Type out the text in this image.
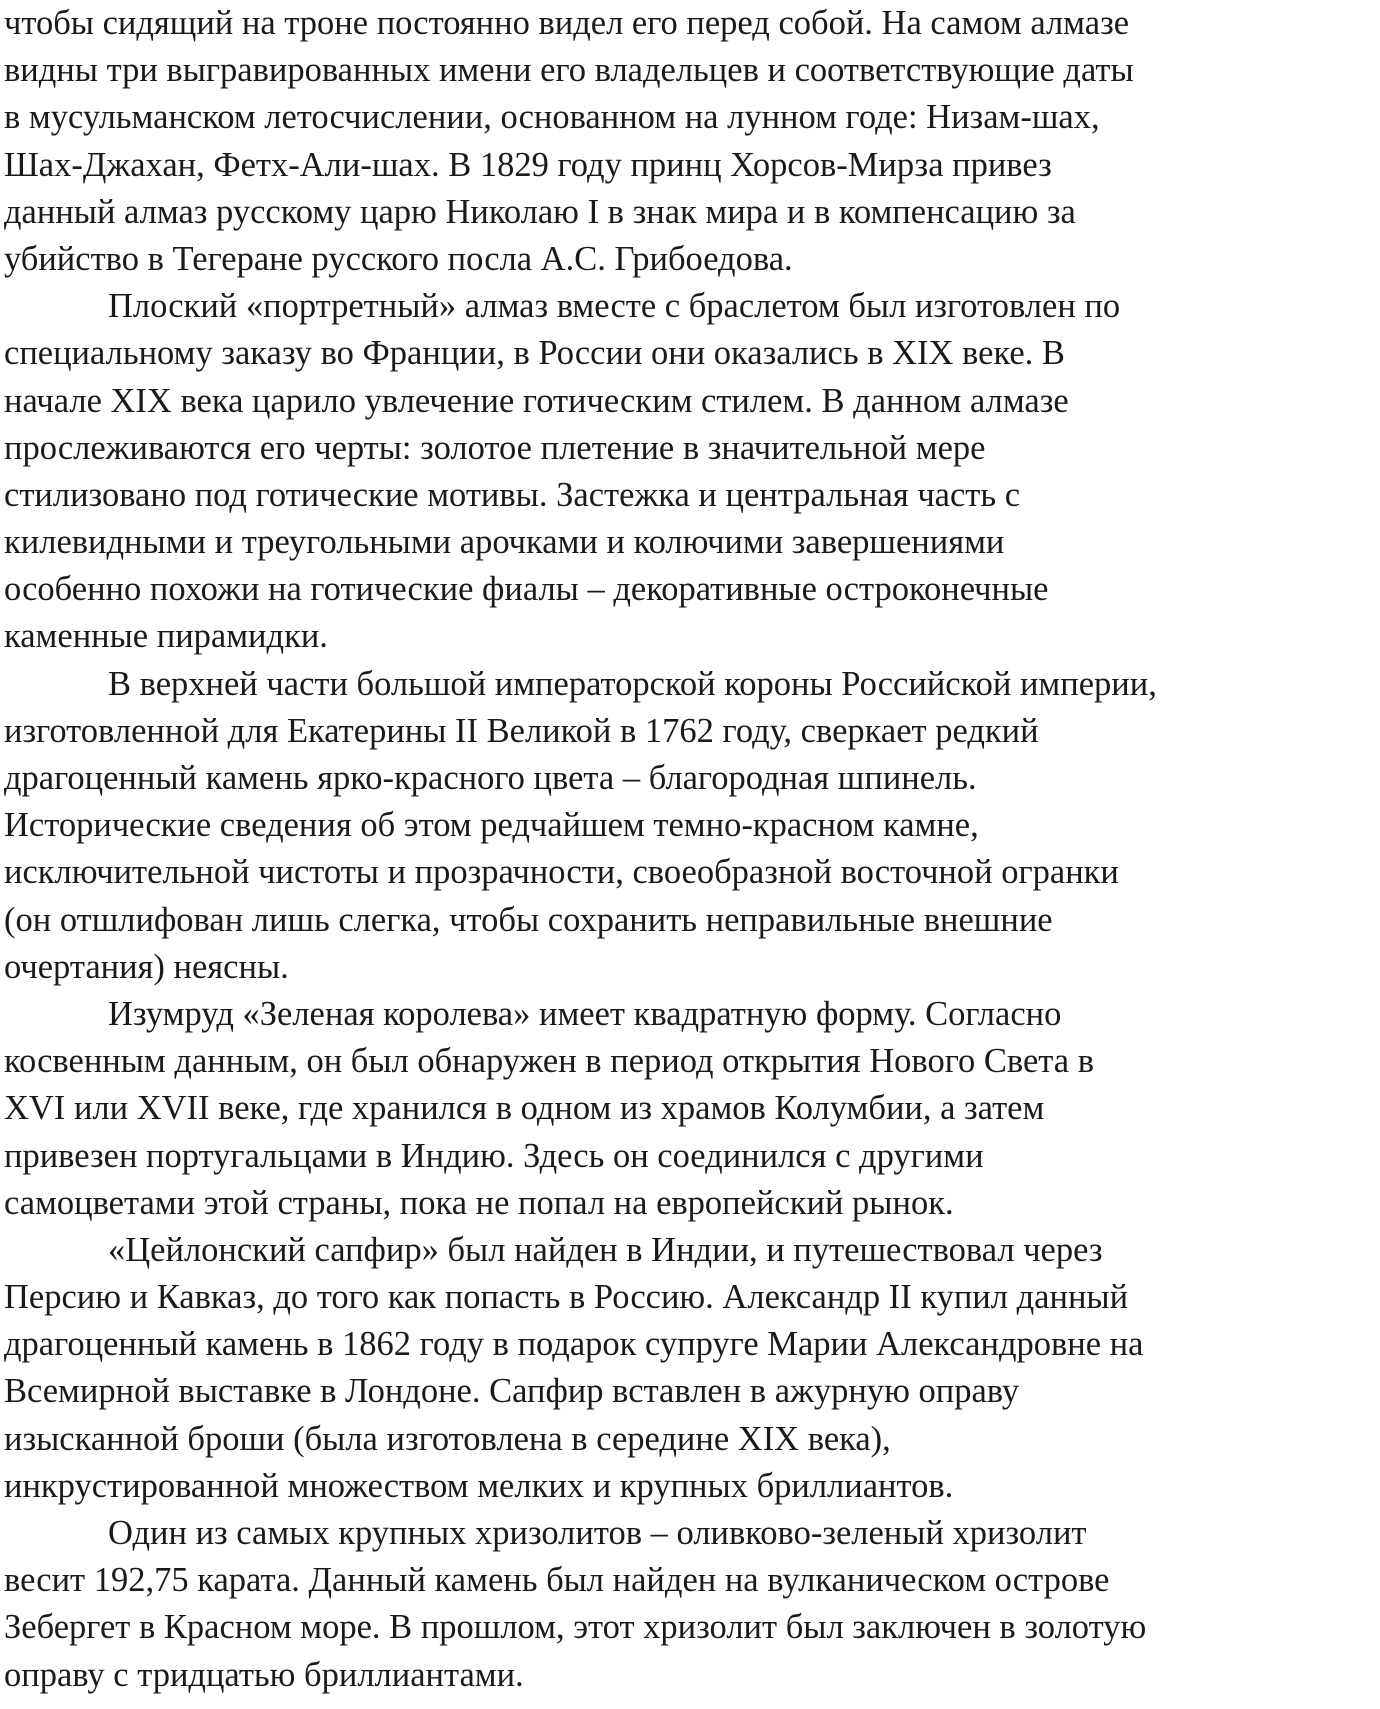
чтобы сидящий на троне постоянно видел его перед собой. На самом алмазе
видны три выгравированных имени его владельцев и соответствующие даты
в мусульманском летосчислении, основанном на лунном годе: Низам-шах,
Шах-Джахан, Фетх-Али-шах. В 1829 году принц Хорсов-Мирза привез
данный алмаз русскому царю Николаю I в знак мира и в компенсацию за
убийство в Тегеране русского посла А.С. Грибоедова.
Плоский «портретный» алмаз вместе с браслетом был изготовлен по
специальному заказу во Франции, в России они оказались в XIX веке. В
начале XIX века царило увлечение готическим стилем. В данном алмазе
прослеживаются его черты: золотое плетение в значительной мере
стилизовано под готические мотивы. Застежка и центральная часть с
килевидными и треугольными арочками и колючими завершениями
особенно похожи на готические фиалы – декоративные остроконечные
каменные пирамидки.
В верхней части большой императорской короны Российской империи,
изготовленной для Екатерины II Великой в 1762 году, сверкает редкий
драгоценный камень ярко-красного цвета – благородная шпинель.
Исторические сведения об этом редчайшем темно-красном камне,
исключительной чистоты и прозрачности, своеобразной восточной огранки
(он отшлифован лишь слегка, чтобы сохранить неправильные внешние
очертания) неясны.
Изумруд «Зеленая королева» имеет квадратную форму. Согласно
косвенным данным, он был обнаружен в период открытия Нового Света в
XVI или XVII веке, где хранился в одном из храмов Колумбии, а затем
привезен португальцами в Индию. Здесь он соединился с другими
самоцветами этой страны, пока не попал на европейский рынок.
«Цейлонский сапфир» был найден в Индии, и путешествовал через
Персию и Кавказ, до того как попасть в Россию. Александр II купил данный
драгоценный камень в 1862 году в подарок супруге Марии Александровне на
Всемирной выставке в Лондоне. Сапфир вставлен в ажурную оправу
изысканной броши (была изготовлена в середине XIX века),
инкрустированной множеством мелких и крупных бриллиантов.
Один из самых крупных хризолитов – оливково-зеленый хризолит
весит 192,75 карата. Данный камень был найден на вулканическом острове
Зебергет в Красном море. В прошлом, этот хризолит был заключен в золотую
оправу с тридцатью бриллиантами.
